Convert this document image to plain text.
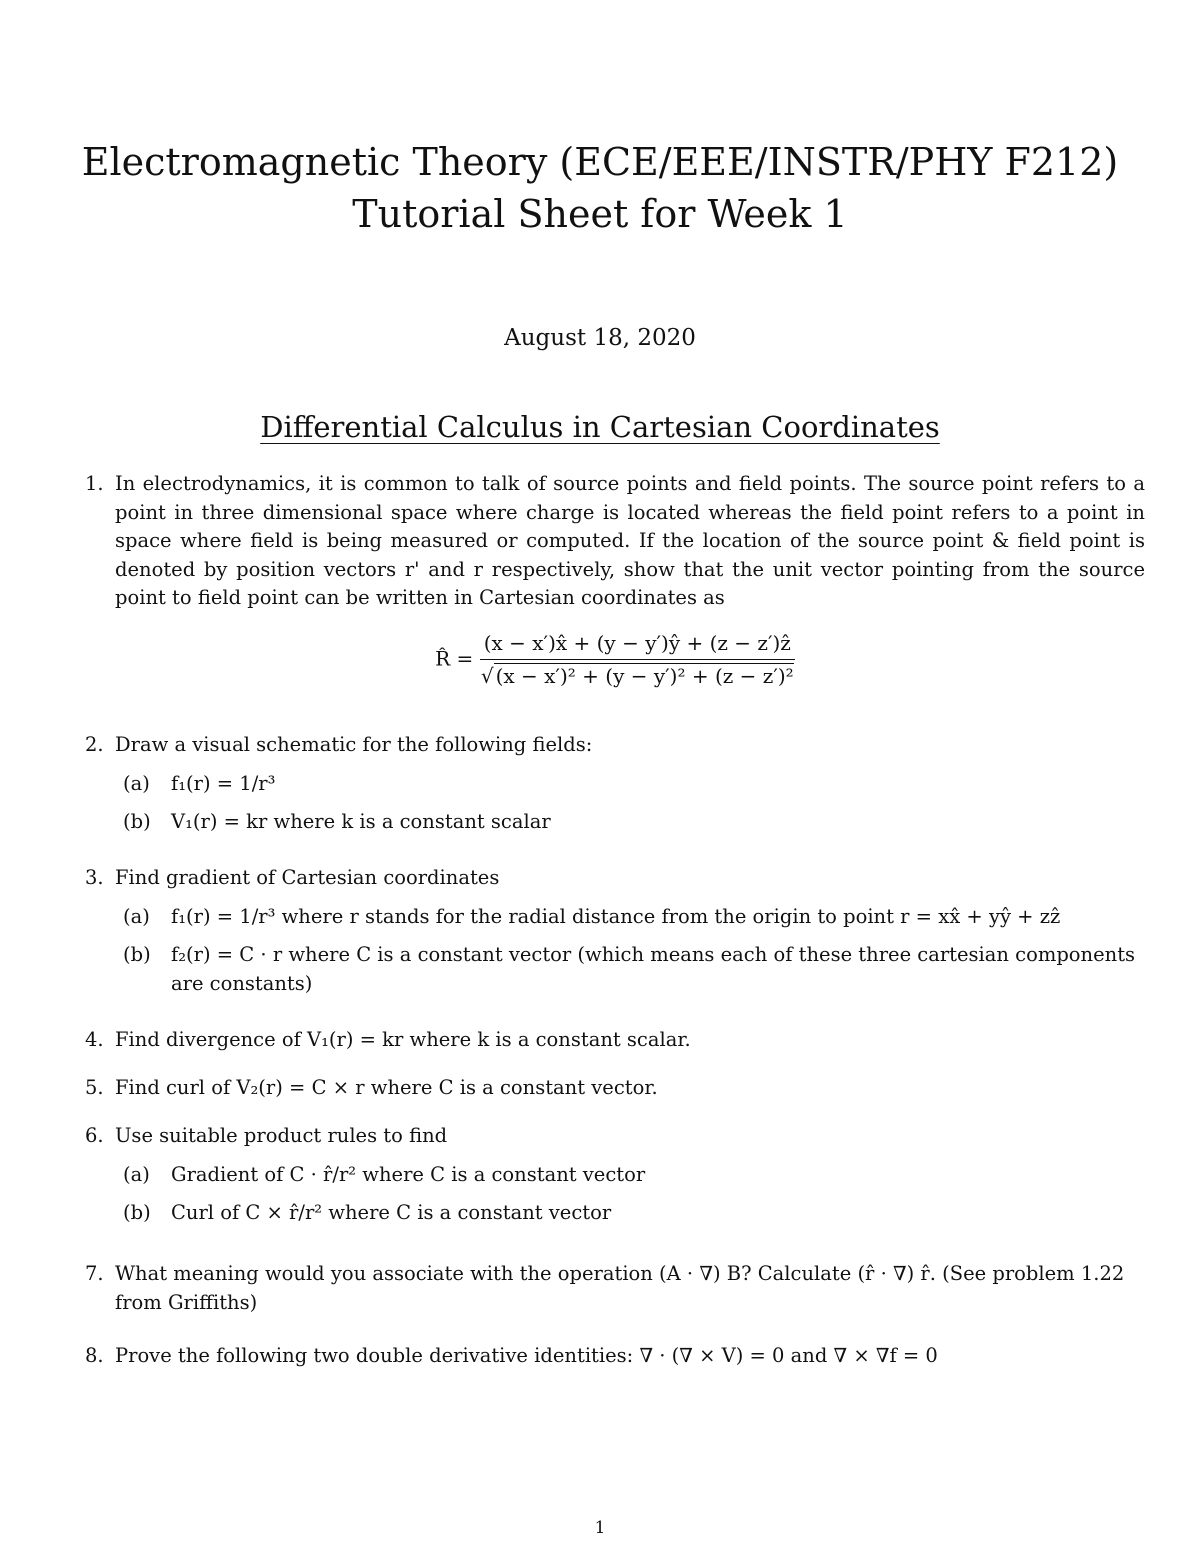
Electromagnetic Theory (ECE/EEE/INSTR/PHY F212)
Tutorial Sheet for Week 1
August 18, 2020
Differential Calculus in Cartesian Coordinates
1. In electrodynamics, it is common to talk of source points and field points. The source point refers to a point in three dimensional space where charge is located whereas the field point refers to a point in space where field is being measured or computed. If the location of the source point & field point is denoted by position vectors r' and r respectively, show that the unit vector pointing from the source point to field point can be written in Cartesian coordinates as
R̂ = $\frac{\text{(x − x′)x̂ + (y − y′)ŷ + (z − z′)ẑ}}{\text{√ (x − x′)² + (y − y′)² + (z − z′)²}}$
2. Draw a visual schematic for the following fields:
(a) f₁(r) = 1/r³
(b) V₁(r) = kr where k is a constant scalar
3. Find gradient of Cartesian coordinates
(a) f₁(r) = 1/r³ where r stands for the radial distance from the origin to point r = xx̂ + yŷ + zẑ
(b) f₂(r) = C · r where C is a constant vector (which means each of these three cartesian components are constants)
4. Find divergence of V₁(r) = kr where k is a constant scalar.
5. Find curl of V₂(r) = C × r where C is a constant vector.
6. Use suitable product rules to find
(a) Gradient of C · r̂/r² where C is a constant vector
(b) Curl of C × r̂/r² where C is a constant vector
7. What meaning would you associate with the operation (A · ∇) B? Calculate (r̂ · ∇) r̂. (See problem 1.22 from Griffiths)
8. Prove the following two double derivative identities: ∇ · (∇ × V) = 0 and ∇ × ∇f = 0
1
